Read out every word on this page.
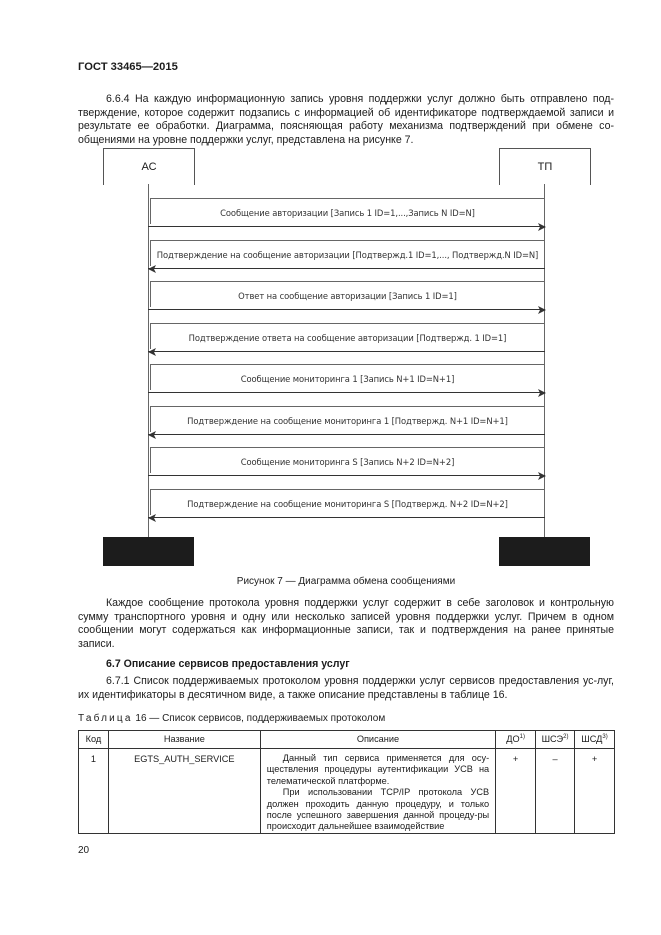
ГОСТ 33465—2015

6.6.4 На каждую информационную запись уровня поддержки услуг должно быть отправлено под-тверждение, которое содержит подзапись с информацией об идентификаторе подтверждаемой записи и результате ее обработки. Диаграмма, поясняющая работу механизма подтверждений при обмене со-общениями на уровне поддержки услуг, представлена на рисунке 7.

АС	ТП
Сообщение авторизации [Запись 1 ID=1,...,Запись N ID=N]
Подтверждение на сообщение авторизации [Подтвержд.1 ID=1,..., Подтвержд.N ID=N]
Ответ на сообщение авторизации [Запись 1 ID=1]
Подтверждение ответа на сообщение авторизации [Подтвержд. 1 ID=1]
Сообщение мониторинга 1 [Запись N+1 ID=N+1]
Подтверждение на сообщение мониторинга 1 [Подтвержд. N+1 ID=N+1]
Сообщение мониторинга S [Запись N+2 ID=N+2]
Подтверждение на сообщение мониторинга S [Подтвержд. N+2 ID=N+2]
Рисунок 7 — Диаграмма обмена сообщениями

Каждое сообщение протокола уровня поддержки услуг содержит в себе заголовок и контрольную сумму транспортного уровня и одну или несколько записей уровня поддержки услуг. Причем в одном сообщении могут содержаться как информационные записи, так и подтверждения на ранее принятые записи.

6.7 Описание сервисов предоставления услуг

6.7.1 Список поддерживаемых протоколом уровня поддержки услуг сервисов предоставления ус-луг, их идентификаторы в десятичном виде, а также описание представлены в таблице 16.

Таблица 16 — Список сервисов, поддерживаемых протоколом
Код	Название	Описание	ДО$^{1)}$	ШСЭ$^{2)}$	ШСД$^{3)}$
1	EGTS_AUTH_SERVICE	Данный тип сервиса применяется для осу-ществления процедуры аутентификации УСВ на телематической платформе.

При использовании TCP/IP протокола УСВ должен проходить данную процедуру, и только после успешного завершения данной процеду-ры происходит дальнейшее взаимодействие	+	–	+
20
